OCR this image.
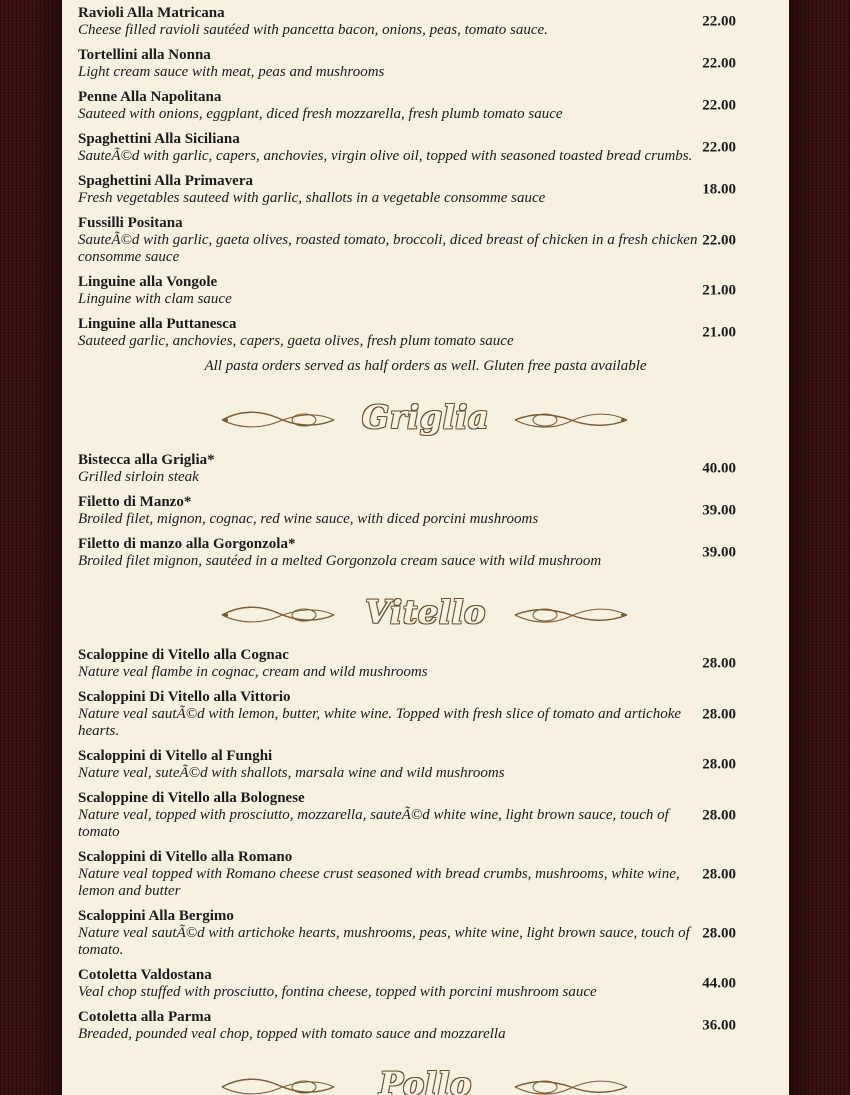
Ravioli Alla Matricana
Cheese filled ravioli sautéed with pancetta bacon, onions, peas, tomato sauce.
22.00
Tortellini alla Nonna
Light cream sauce with meat, peas and mushrooms
22.00
Penne Alla Napolitana
Sauteed with onions, eggplant, diced fresh mozzarella, fresh plumb tomato sauce
22.00
Spaghettini Alla Siciliana
SauteÃ©d with garlic, capers, anchovies, virgin olive oil, topped with seasoned toasted bread crumbs.
22.00
Spaghettini Alla Primavera
Fresh vegetables sauteed with garlic, shallots in a vegetable consomme sauce
18.00
Fussilli Positana
SauteÃ©d with garlic, gaeta olives, roasted tomato, broccoli, diced breast of chicken in a fresh chicken consomme sauce
22.00
Linguine alla Vongole
Linguine with clam sauce
21.00
Linguine alla Puttanesca
Sauteed garlic, anchovies, capers, gaeta olives, fresh plum tomato sauce
21.00
All pasta orders served as half orders as well. Gluten free pasta available
Griglia
Bistecca alla Griglia*
Grilled sirloin steak
40.00
Filetto di Manzo*
Broiled filet, mignon, cognac, red wine sauce, with diced porcini mushrooms
39.00
Filetto di manzo alla Gorgonzola*
Broiled filet mignon, sautéed in a melted Gorgonzola cream sauce with wild mushroom
39.00
Vitello
Scaloppine di Vitello alla Cognac
Nature veal flambe in cognac, cream and wild mushrooms
28.00
Scaloppini Di Vitello alla Vittorio
Nature veal sautÃ©d with lemon, butter, white wine. Topped with fresh slice of tomato and artichoke hearts.
28.00
Scaloppini di Vitello al Funghi
Nature veal, suteÃ©d with shallots, marsala wine and wild mushrooms
28.00
Scaloppine di Vitello alla Bolognese
Nature veal, topped with prosciutto, mozzarella, sauteÃ©d white wine, light brown sauce, touch of tomato
28.00
Scaloppini di Vitello alla Romano
Nature veal topped with Romano cheese crust seasoned with bread crumbs, mushrooms, white wine, lemon and butter
28.00
Scaloppini Alla Bergimo
Nature veal sautÃ©d with artichoke hearts, mushrooms, peas, white wine, light brown sauce, touch of tomato.
28.00
Cotoletta Valdostana
Veal chop stuffed with prosciutto, fontina cheese, topped with porcini mushroom sauce
44.00
Cotoletta alla Parma
Breaded, pounded veal chop, topped with tomato sauce and mozzarella
36.00
Pollo
